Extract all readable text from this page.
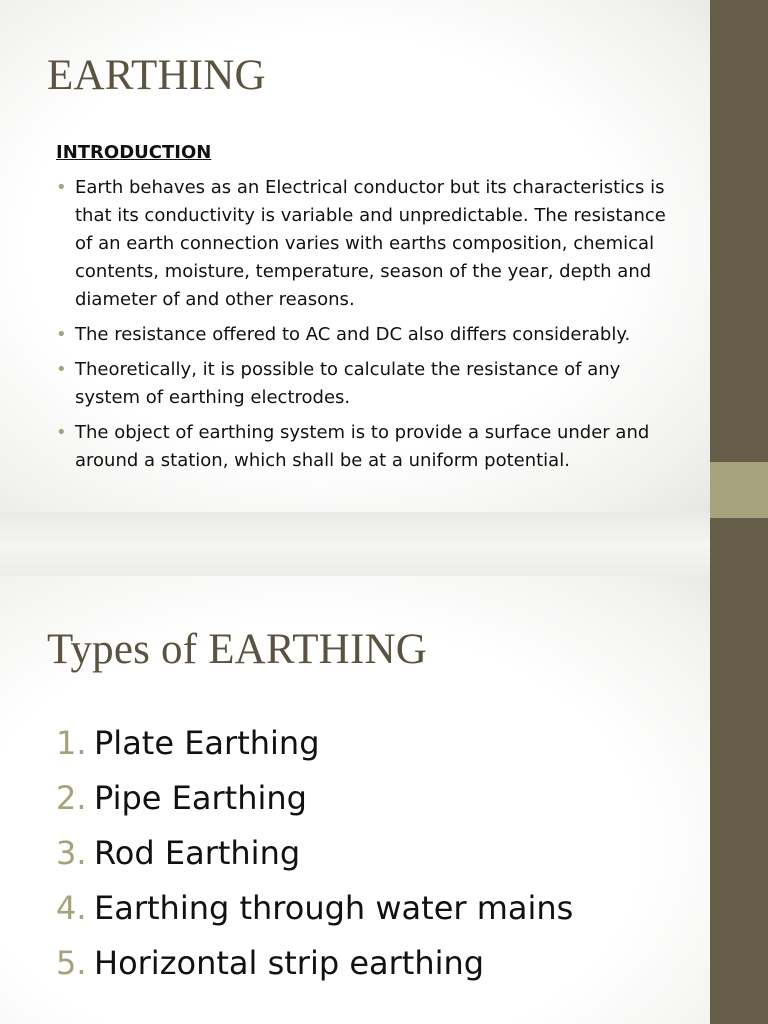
EARTHING
INTRODUCTION
• Earth behaves as an Electrical conductor but its characteristics is that its conductivity is variable and unpredictable. The resistance of an earth connection varies with earths composition, chemical contents, moisture, temperature, season of the year, depth and diameter of and other reasons.
• The resistance offered to AC and DC also differs considerably.
• Theoretically, it is possible to calculate the resistance of any system of earthing electrodes.
• The object of earthing system is to provide a surface under and around a station, which shall be at a uniform potential.
Types of EARTHING
1. Plate Earthing
2. Pipe Earthing
3. Rod Earthing
4. Earthing through water mains
5. Horizontal strip earthing
